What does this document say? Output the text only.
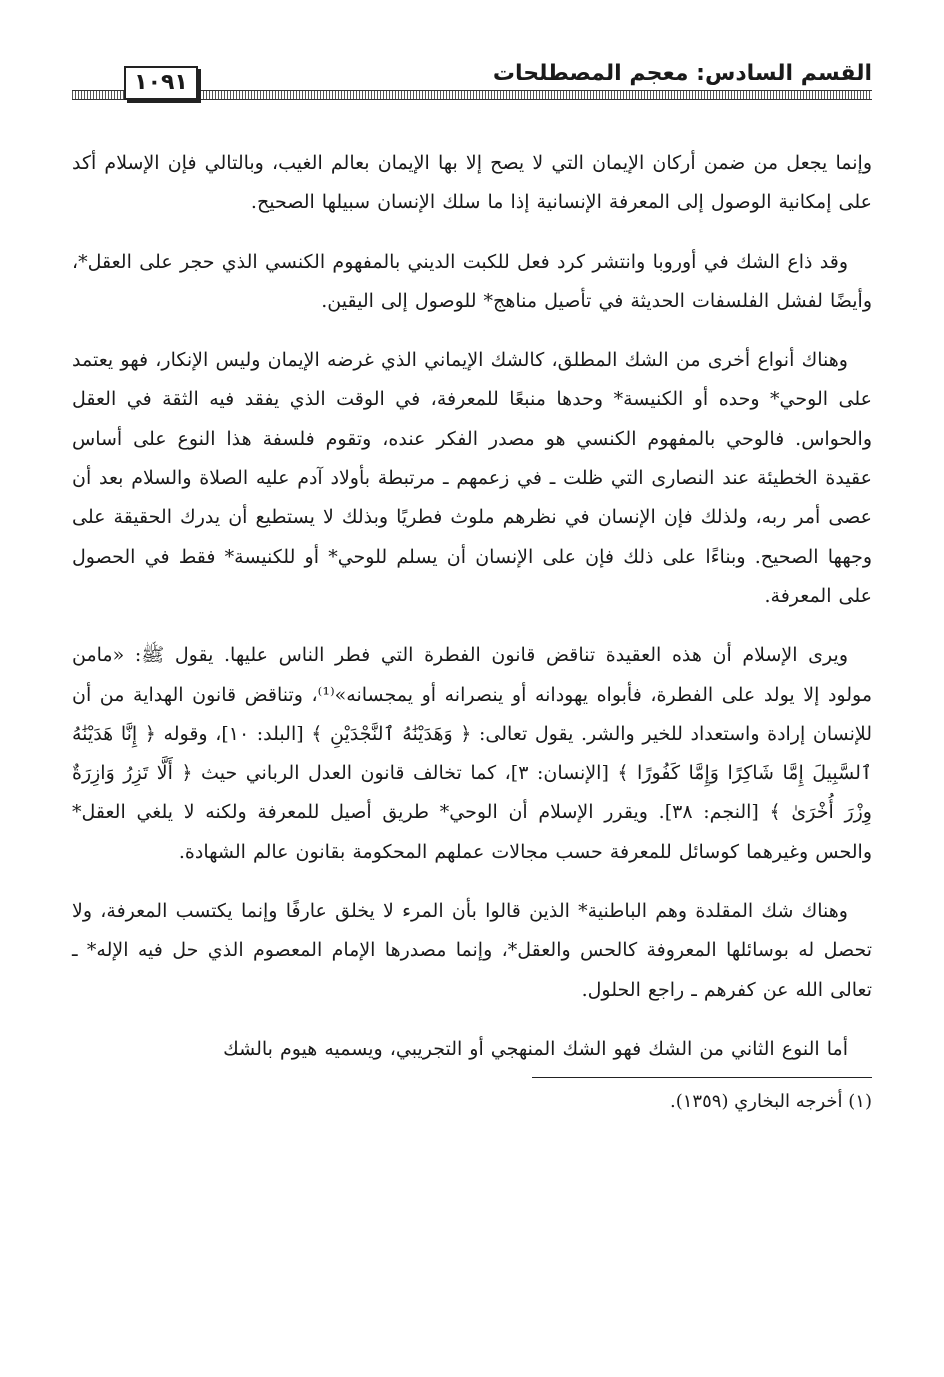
القسم السادس: معجم المصطلحات
١٠٩١

وإنما يجعل من ضمن أركان الإيمان التي لا يصح إلا بها الإيمان بعالم الغيب، وبالتالي فإن الإسلام أكد على إمكانية الوصول إلى المعرفة الإنسانية إذا ما سلك الإنسان سبيلها الصحيح.

وقد ذاع الشك في أوروبا وانتشر كرد فعل للكبت الديني بالمفهوم الكنسي الذي حجر على العقل*، وأيضًا لفشل الفلسفات الحديثة في تأصيل مناهج* للوصول إلى اليقين.

وهناك أنواع أخرى من الشك المطلق، كالشك الإيماني الذي غرضه الإيمان وليس الإنكار، فهو يعتمد على الوحي* وحده أو الكنيسة* وحدها منبعًا للمعرفة، في الوقت الذي يفقد فيه الثقة في العقل والحواس. فالوحي بالمفهوم الكنسي هو مصدر الفكر عنده، وتقوم فلسفة هذا النوع على أساس عقيدة الخطيئة عند النصارى التي ظلت ـ في زعمهم ـ مرتبطة بأولاد آدم عليه الصلاة والسلام بعد أن عصى أمر ربه، ولذلك فإن الإنسان في نظرهم ملوث فطريًا وبذلك لا يستطيع أن يدرك الحقيقة على وجهها الصحيح. وبناءًا على ذلك فإن على الإنسان أن يسلم للوحي* أو للكنيسة* فقط في الحصول على المعرفة.

ويرى الإسلام أن هذه العقيدة تناقض قانون الفطرة التي فطر الناس عليها. يقول ﷺ: «مامن مولود إلا يولد على الفطرة، فأبواه يهودانه أو ينصرانه أو يمجسانه»⁽¹⁾، وتناقض قانون الهداية من أن للإنسان إرادة واستعداد للخير والشر. يقول تعالى: ﴿ وَهَدَيْنَٰهُ ٱلنَّجْدَيْنِ ﴾ [البلد: ١٠]، وقوله ﴿ إِنَّا هَدَيْنَٰهُ ٱلسَّبِيلَ إِمَّا شَاكِرًا وَإِمَّا كَفُورًا ﴾ [الإنسان: ٣]، كما تخالف قانون العدل الرباني حيث ﴿ أَلَّا تَزِرُ وَازِرَةٌ وِزْرَ أُخْرَىٰ ﴾ [النجم: ٣٨]. ويقرر الإسلام أن الوحي* طريق أصيل للمعرفة ولكنه لا يلغي العقل* والحس وغيرهما كوسائل للمعرفة حسب مجالات عملهم المحكومة بقانون عالم الشهادة.

وهناك شك المقلدة وهم الباطنية* الذين قالوا بأن المرء لا يخلق عارفًا وإنما يكتسب المعرفة، ولا تحصل له بوسائلها المعروفة كالحس والعقل*، وإنما مصدرها الإمام المعصوم الذي حل فيه الإله* ـ تعالى الله عن كفرهم ـ راجع الحلول.

أما النوع الثاني من الشك فهو الشك المنهجي أو التجريبي، ويسميه هيوم بالشك

(١) أخرجه البخاري (١٣٥٩).
